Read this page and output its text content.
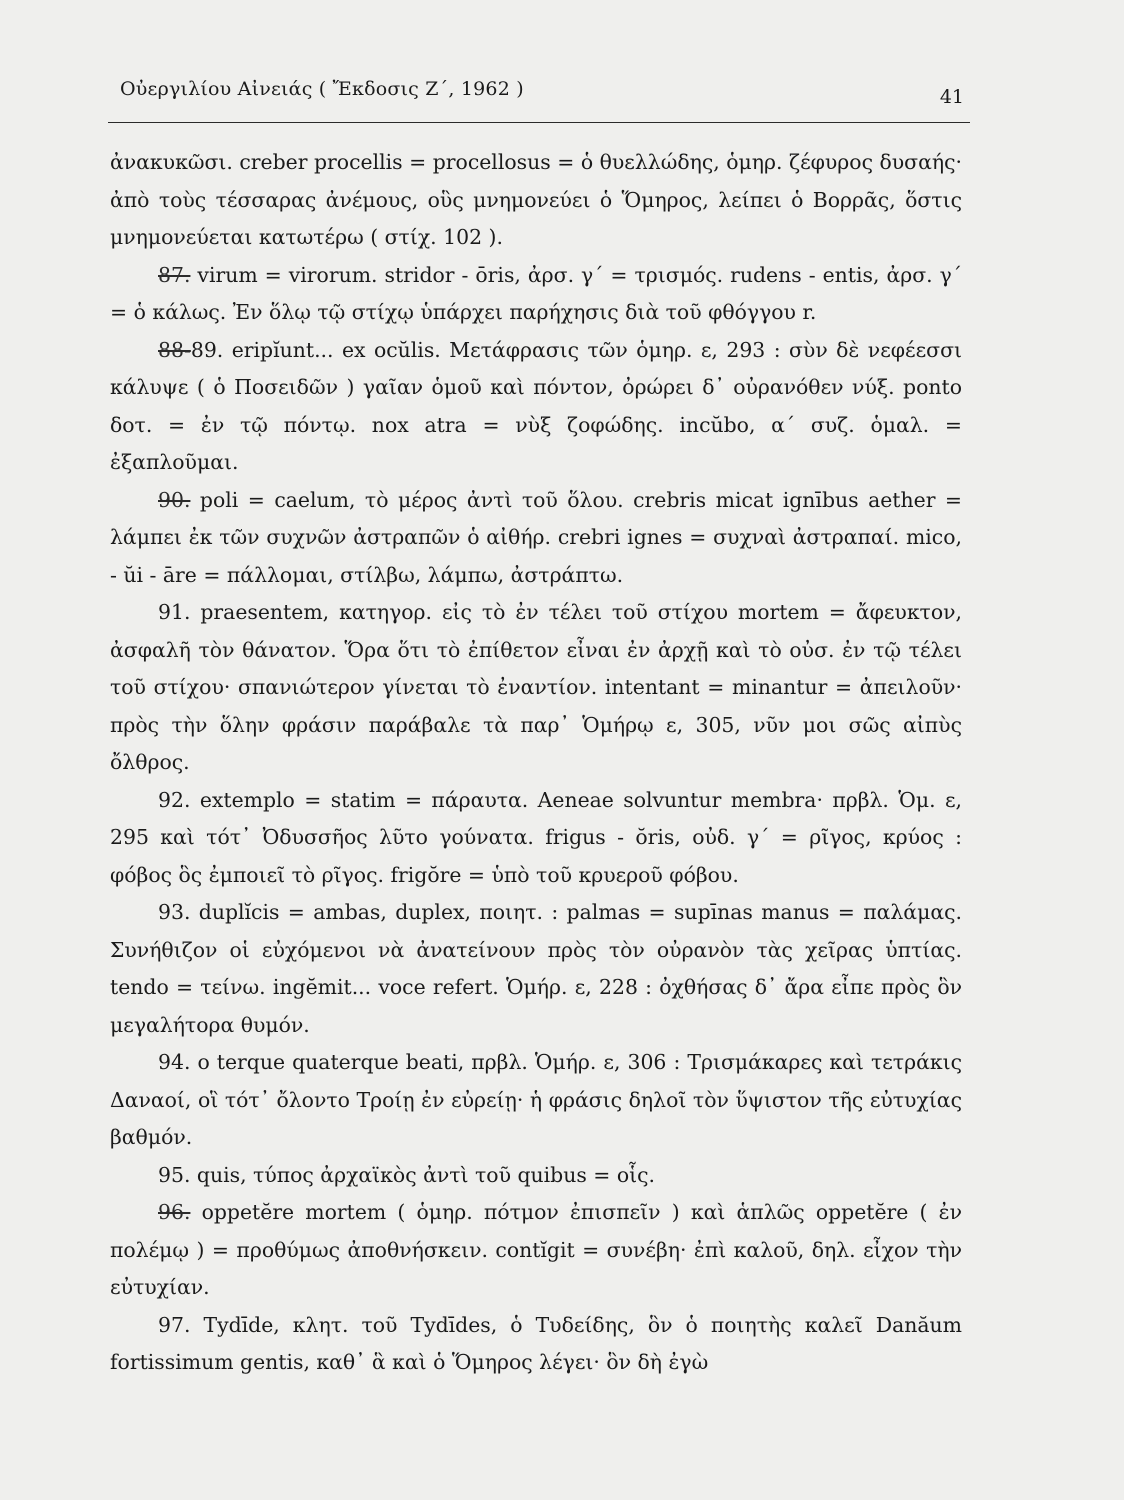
Οὐεργιλίου Αἰνειάς ( Ἔκδοσις Ζ΄, 1962 )	41

ἀνακυκῶσι. creber procellis = procellosus = ὁ θυελλώδης, ὁμηρ. ζέφυρος δυσαής· ἀπὸ τοὺς τέσσαρας ἀνέμους, οὓς μνημονεύει ὁ Ὅμηρος, λείπει ὁ Βορρᾶς, ὅστις μνημονεύεται κατωτέρω ( στίχ. 102 ).

87. virum = virorum. stridor - ōris, ἀρσ. γ΄ = τρισμός. rudens - entis, ἀρσ. γ΄ = ὁ κάλως. Ἐν ὅλῳ τῷ στίχῳ ὑπάρχει παρήχησις διὰ τοῦ φθόγγου r.

88-89. eripĭunt... ex ocŭlis. Μετάφρασις τῶν ὁμηρ. ε, 293 : σὺν δὲ νεφέεσσι κάλυψε ( ὁ Ποσειδῶν ) γαῖαν ὁμοῦ καὶ πόντον, ὀρώρει δ᾽ οὐρανόθεν νύξ. ponto δοτ. = ἐν τῷ πόντῳ. nox atra = νὺξ ζοφώδης. incŭbo, α΄ συζ. ὁμαλ. = ἐξαπλοῦμαι.

90. poli = caelum, τὸ μέρος ἀντὶ τοῦ ὅλου. crebris micat ignībus aether = λάμπει ἐκ τῶν συχνῶν ἀστραπῶν ὁ αἰθήρ. crebri ignes = συχναὶ ἀστραπαί. mico, - ŭi - āre = πάλλομαι, στίλβω, λάμπω, ἀστράπτω.

91. praesentem, κατηγορ. εἰς τὸ ἐν τέλει τοῦ στίχου mortem = ἄφευκτον, ἀσφαλῆ τὸν θάνατον. Ὅρα ὅτι τὸ ἐπίθετον εἶναι ἐν ἀρχῇ καὶ τὸ οὐσ. ἐν τῷ τέλει τοῦ στίχου· σπανιώτερον γίνεται τὸ ἐναντίον. intentant = minantur = ἀπειλοῦν· πρὸς τὴν ὅλην φράσιν παράβαλε τὰ παρ᾽ Ὁμήρῳ ε, 305, νῦν μοι σῶς αἰπὺς ὄλθρος.

92. extemplo = statim = πάραυτα. Aeneae solvuntur membra· πρβλ. Ὁμ. ε, 295 καὶ τότ᾽ Ὀδυσσῆος λῦτο γούνατα. frigus - ŏris, οὐδ. γ΄ = ρῖγος, κρύος : φόβος ὃς ἐμποιεῖ τὸ ρῖγος. frigŏre = ὑπὸ τοῦ κρυεροῦ φόβου.

93. duplĭcis = ambas, duplex, ποιητ. : palmas = supīnas manus = παλάμας. Συνήθιζον οἱ εὐχόμενοι νὰ ἀνατείνουν πρὸς τὸν οὐρανὸν τὰς χεῖρας ὑπτίας. tendo = τείνω. ingĕmit... voce refert. Ὁμήρ. ε, 228 : ὀχθήσας δ᾽ ἄρα εἶπε πρὸς ὃν μεγαλήτορα θυμόν.

94. o terque quaterque beati, πρβλ. Ὁμήρ. ε, 306 : Τρισμάκαρες καὶ τετράκις Δαναοί, οἳ τότ᾽ ὄλοντο Τροίῃ ἐν εὐρείῃ· ἡ φράσις δηλοῖ τὸν ὕψιστον τῆς εὐτυχίας βαθμόν.

95. quis, τύπος ἀρχαϊκὸς ἀντὶ τοῦ quibus = οἷς.

96. oppetĕre mortem ( ὁμηρ. πότμον ἐπισπεῖν ) καὶ ἁπλῶς oppetĕre ( ἐν πολέμῳ ) = προθύμως ἀποθνήσκειν. contĭgit = συνέβη· ἐπὶ καλοῦ, δηλ. εἶχον τὴν εὐτυχίαν.

97. Tydīde, κλητ. τοῦ Tydīdes, ὁ Τυδείδης, ὃν ὁ ποιητὴς καλεῖ Danăum fortissimum gentis, καθ᾽ ἃ καὶ ὁ Ὅμηρος λέγει· ὃν δὴ ἐγὼ
